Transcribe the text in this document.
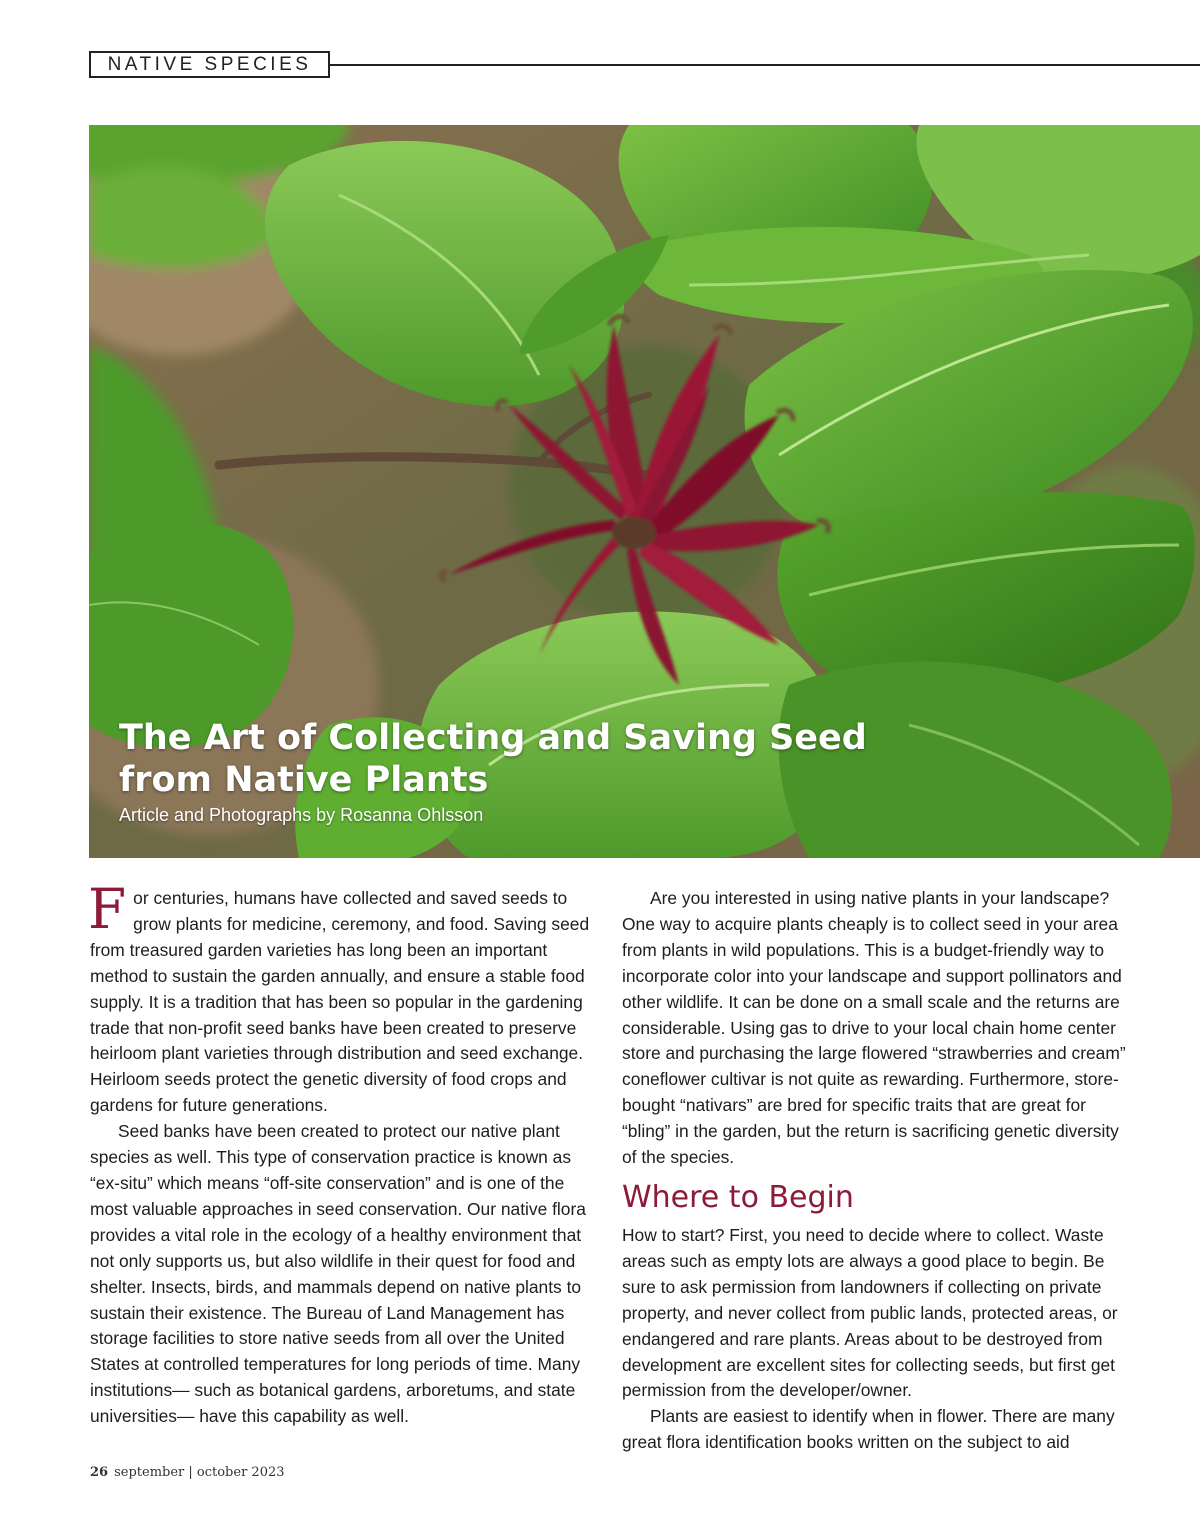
NATIVE SPECIES
The Art of Collecting and Saving Seed from Native Plants
Article and Photographs by Rosanna Ohlsson

For centuries, humans have collected and saved seeds to grow plants for medicine, ceremony, and food. Saving seed from treasured garden varieties has long been an important method to sustain the garden annually, and ensure a stable food supply. It is a tradition that has been so popular in the gardening trade that non-profit seed banks have been created to preserve heirloom plant varieties through distribution and seed exchange. Heirloom seeds protect the genetic diversity of food crops and gardens for future generations.

Seed banks have been created to protect our native plant species as well. This type of conservation practice is known as “ex-situ” which means “off-site conservation” and is one of the most valuable approaches in seed conservation. Our native flora provides a vital role in the ecology of a healthy environment that not only supports us, but also wildlife in their quest for food and shelter. Insects, birds, and mammals depend on native plants to sustain their existence. The Bureau of Land Management has storage facilities to store native seeds from all over the United States at controlled temperatures for long periods of time. Many institutions— such as botanical gardens, arboretums, and state universities— have this capability as well.

Are you interested in using native plants in your landscape? One way to acquire plants cheaply is to collect seed in your area from plants in wild populations. This is a budget-friendly way to incorporate color into your landscape and support pollinators and other wildlife. It can be done on a small scale and the returns are considerable. Using gas to drive to your local chain home center store and purchasing the large flowered “strawberries and cream” coneflower cultivar is not quite as rewarding. Furthermore, store-bought “nativars” are bred for specific traits that are great for “bling” in the garden, but the return is sacrificing genetic diversity of the species.

Where to Begin

How to start? First, you need to decide where to collect. Waste areas such as empty lots are always a good place to begin. Be sure to ask permission from landowners if collecting on private property, and never collect from public lands, protected areas, or endangered and rare plants. Areas about to be destroyed from development are excellent sites for collecting seeds, but first get permission from the developer/owner.

Plants are easiest to identify when in flower. There are many great flora identification books written on the subject to aid

26 september | october 2023
